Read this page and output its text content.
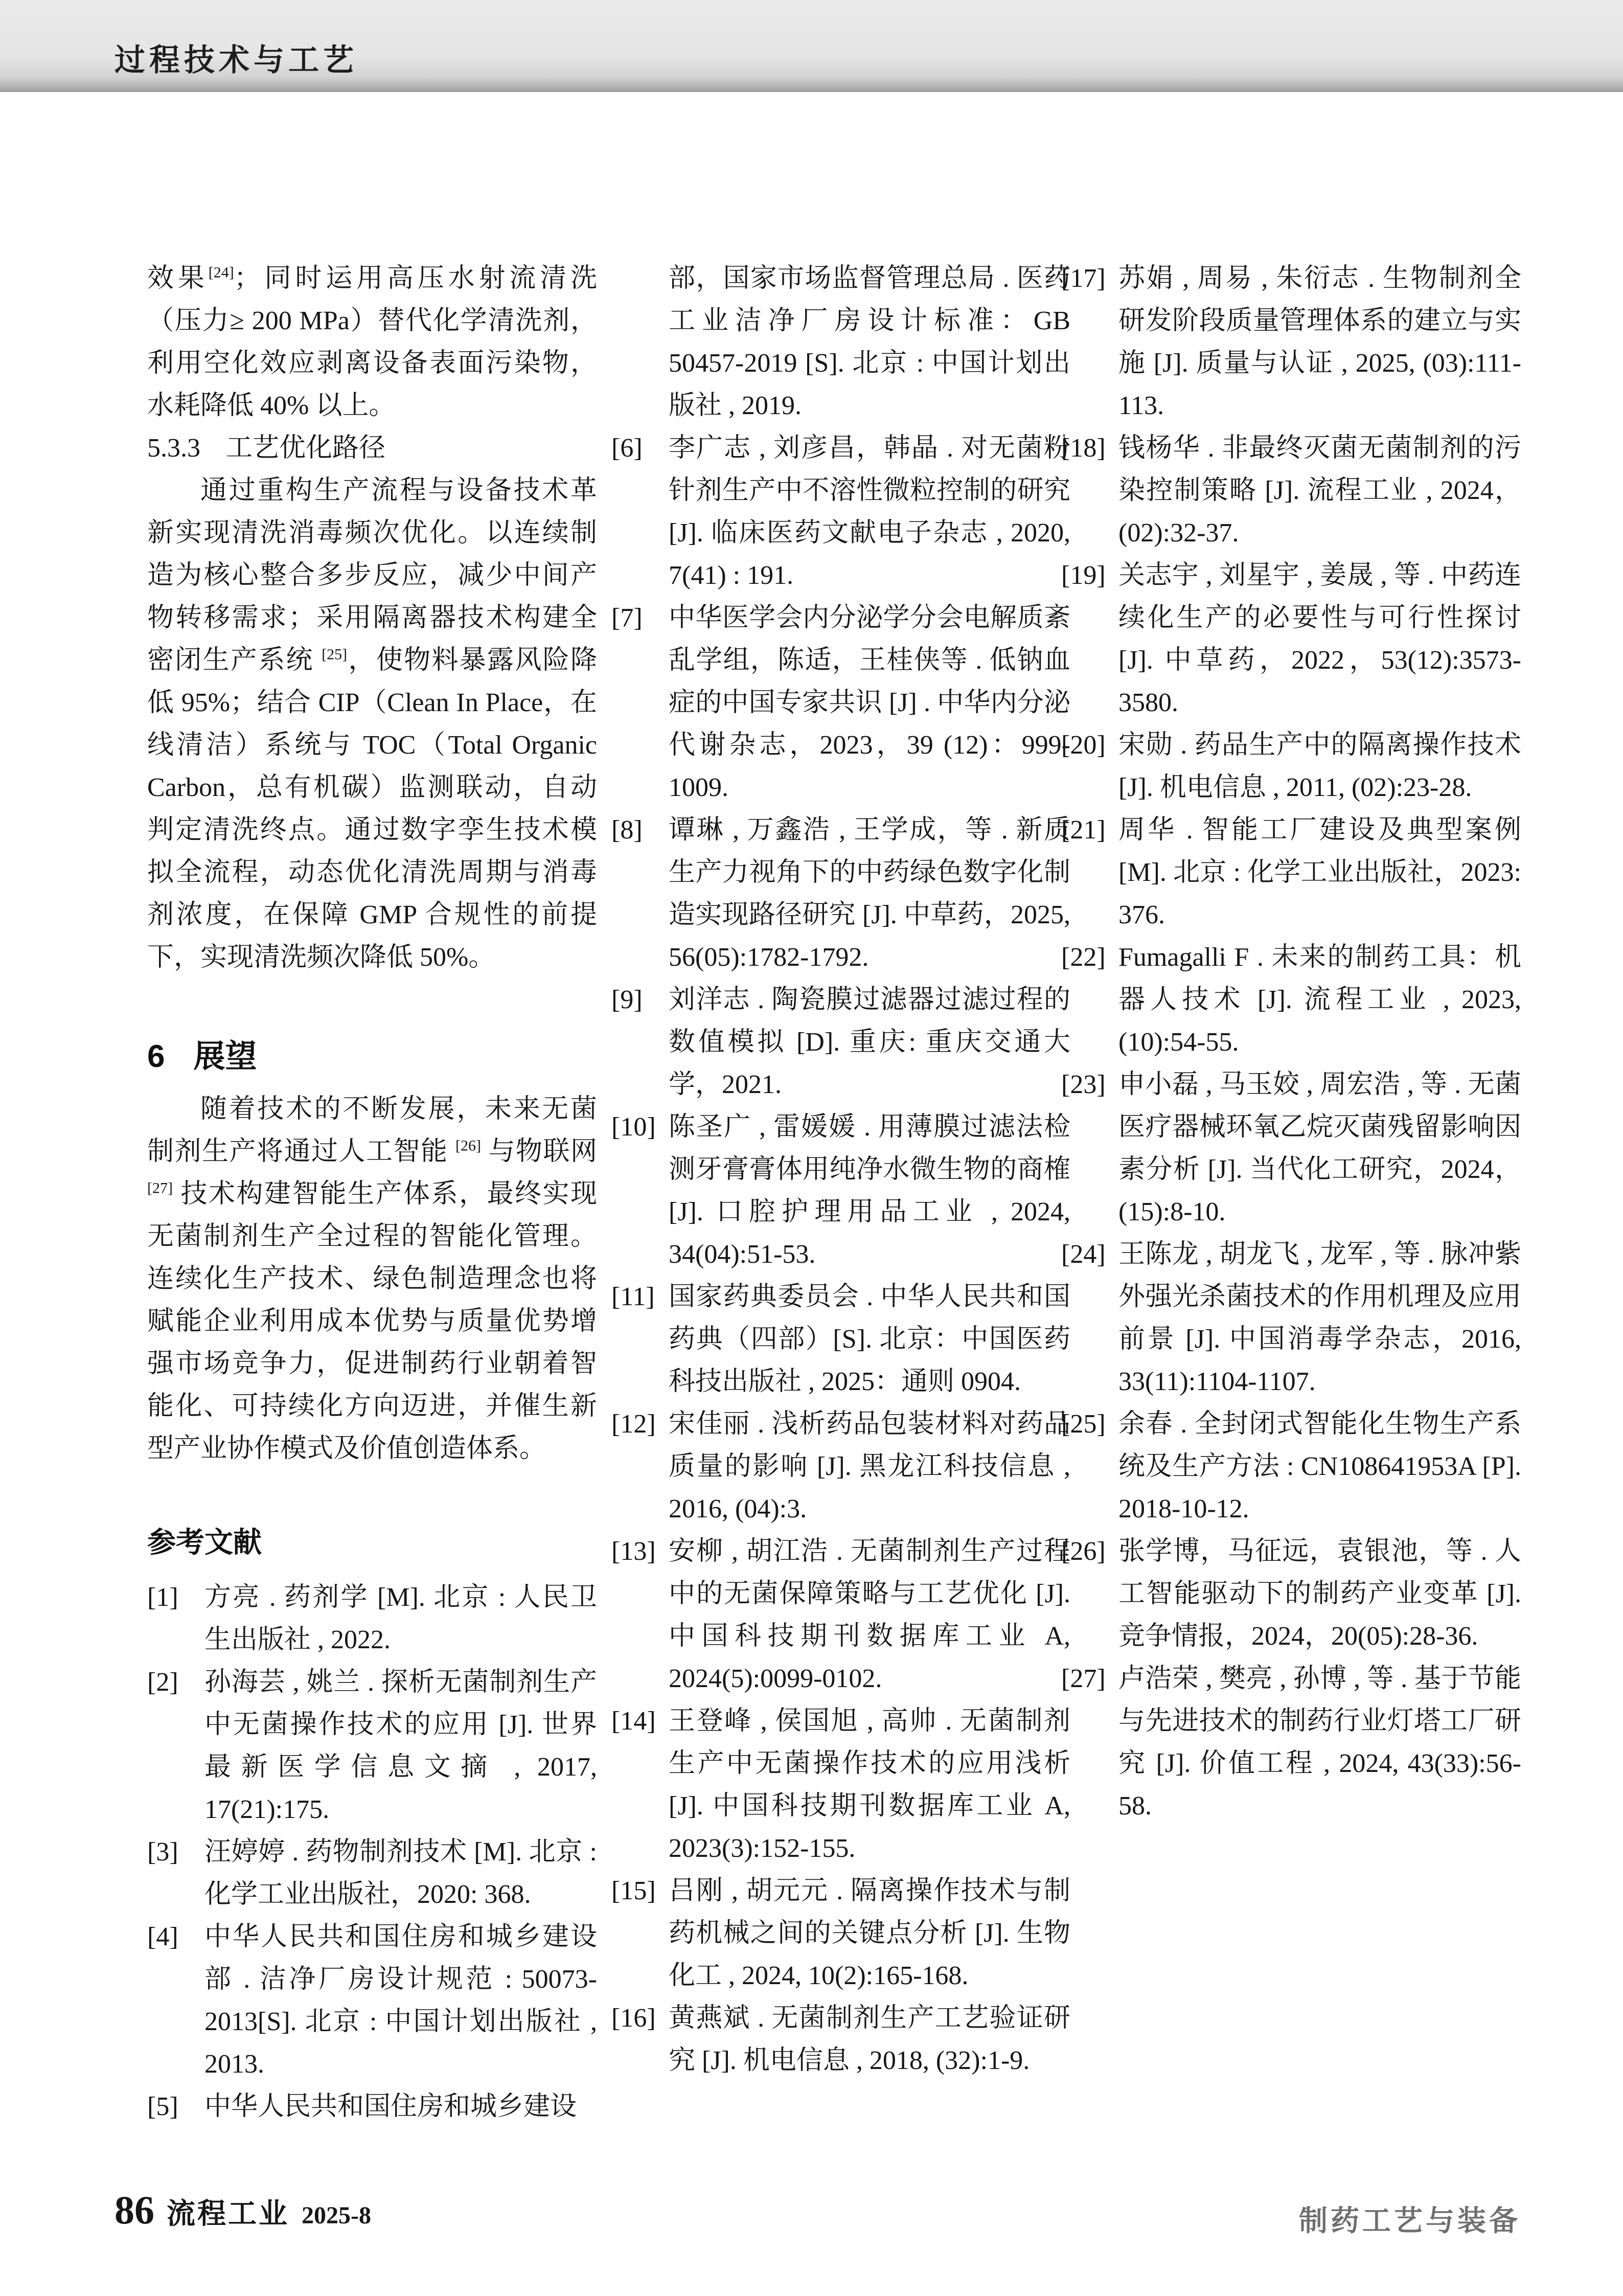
过程技术与工艺

效果[24]；同时运用高压水射流清洗（压力≥ 200 MPa）替代化学清洗剂，利用空化效应剥离设备表面污染物，水耗降低 40% 以上。

5.3.3 工艺优化路径

通过重构生产流程与设备技术革新实现清洗消毒频次优化。以连续制造为核心整合多步反应，减少中间产物转移需求；采用隔离器技术构建全密闭生产系统 [25]，使物料暴露风险降低 95%；结合 CIP（Clean In Place，在线清洁）系统与 TOC（Total Organic Carbon，总有机碳）监测联动，自动判定清洗终点。通过数字孪生技术模拟全流程，动态优化清洗周期与消毒剂浓度，在保障 GMP 合规性的前提下，实现清洗频次降低 50%。

6 展望

随着技术的不断发展，未来无菌制剂生产将通过人工智能 [26] 与物联网 [27] 技术构建智能生产体系，最终实现无菌制剂生产全过程的智能化管理。连续化生产技术、绿色制造理念也将赋能企业利用成本优势与质量优势增强市场竞争力，促进制药行业朝着智能化、可持续化方向迈进，并催生新型产业协作模式及价值创造体系。

参考文献
[1] 方亮 . 药剂学 [M]. 北京 : 人民卫生出版社 , 2022.
[2] 孙海芸 , 姚兰 . 探析无菌制剂生产中无菌操作技术的应用 [J]. 世界最新医学信息文摘 , 2017, 17(21):175.
[3] 汪婷婷 . 药物制剂技术 [M]. 北京 : 化学工业出版社，2020: 368.
[4] 中华人民共和国住房和城乡建设部 . 洁净厂房设计规范 : 50073-2013[S]. 北京 : 中国计划出版社 , 2013.
[5] 中华人民共和国住房和城乡建设
部，国家市场监督管理总局 . 医药工业洁净厂房设计标准：GB 50457-2019 [S]. 北京 : 中国计划出版社 , 2019.
[6] 李广志 , 刘彦昌，韩晶 . 对无菌粉针剂生产中不溶性微粒控制的研究 [J]. 临床医药文献电子杂志 , 2020, 7(41) : 191.
[7] 中华医学会内分泌学分会电解质紊乱学组，陈适，王桂侠等 . 低钠血症的中国专家共识 [J] . 中华内分泌代谢杂志，2023，39 (12)：999-1009.
[8] 谭琳 , 万鑫浩 , 王学成，等 . 新质生产力视角下的中药绿色数字化制造实现路径研究 [J]. 中草药，2025, 56(05):1782-1792.
[9] 刘洋志 . 陶瓷膜过滤器过滤过程的数值模拟 [D]. 重庆: 重庆交通大学，2021.
[10] 陈圣广 , 雷媛媛 . 用薄膜过滤法检测牙膏膏体用纯净水微生物的商榷 [J]. 口腔护理用品工业 , 2024, 34(04):51-53.
[11] 国家药典委员会 . 中华人民共和国药典（四部）[S]. 北京：中国医药科技出版社 , 2025：通则 0904.
[12] 宋佳丽 . 浅析药品包装材料对药品质量的影响 [J]. 黑龙江科技信息 , 2016, (04):3.
[13] 安柳 , 胡江浩 . 无菌制剂生产过程中的无菌保障策略与工艺优化 [J]. 中国科技期刊数据库工业 A, 2024(5):0099-0102.
[14] 王登峰 , 侯国旭 , 高帅 . 无菌制剂生产中无菌操作技术的应用浅析 [J]. 中国科技期刊数据库工业 A, 2023(3):152-155.
[15] 吕刚 , 胡元元 . 隔离操作技术与制药机械之间的关键点分析 [J]. 生物化工 , 2024, 10(2):165-168.
[16] 黄燕斌 . 无菌制剂生产工艺验证研究 [J]. 机电信息 , 2018, (32):1-9.
[17] 苏娟 , 周易 , 朱衍志 . 生物制剂全研发阶段质量管理体系的建立与实施 [J]. 质量与认证 , 2025, (03):111-113.
[18] 钱杨华 . 非最终灭菌无菌制剂的污染控制策略 [J]. 流程工业 , 2024，(02):32-37.
[19] 关志宇 , 刘星宇 , 姜晟 , 等 . 中药连续化生产的必要性与可行性探讨 [J]. 中草药，2022，53(12):3573-3580.
[20] 宋勋 . 药品生产中的隔离操作技术 [J]. 机电信息 , 2011, (02):23-28.
[21] 周华 . 智能工厂建设及典型案例 [M]. 北京 : 化学工业出版社，2023: 376.
[22] Fumagalli F . 未来的制药工具：机器人技术 [J]. 流程工业 , 2023, (10):54-55.
[23] 申小磊 , 马玉姣 , 周宏浩 , 等 . 无菌医疗器械环氧乙烷灭菌残留影响因素分析 [J]. 当代化工研究，2024，(15):8-10.
[24] 王陈龙 , 胡龙飞 , 龙军 , 等 . 脉冲紫外强光杀菌技术的作用机理及应用前景 [J]. 中国消毒学杂志，2016, 33(11):1104-1107.
[25] 余春 . 全封闭式智能化生物生产系统及生产方法 : CN108641953A [P]. 2018-10-12.
[26] 张学博，马征远，袁银池，等 . 人工智能驱动下的制药产业变革 [J]. 竞争情报，2024，20(05):28-36.
[27] 卢浩荣 , 樊亮 , 孙博 , 等 . 基于节能与先进技术的制药行业灯塔工厂研究 [J]. 价值工程 , 2024, 43(33):56-58.
86 流程工业 2025-8	制药工艺与装备
